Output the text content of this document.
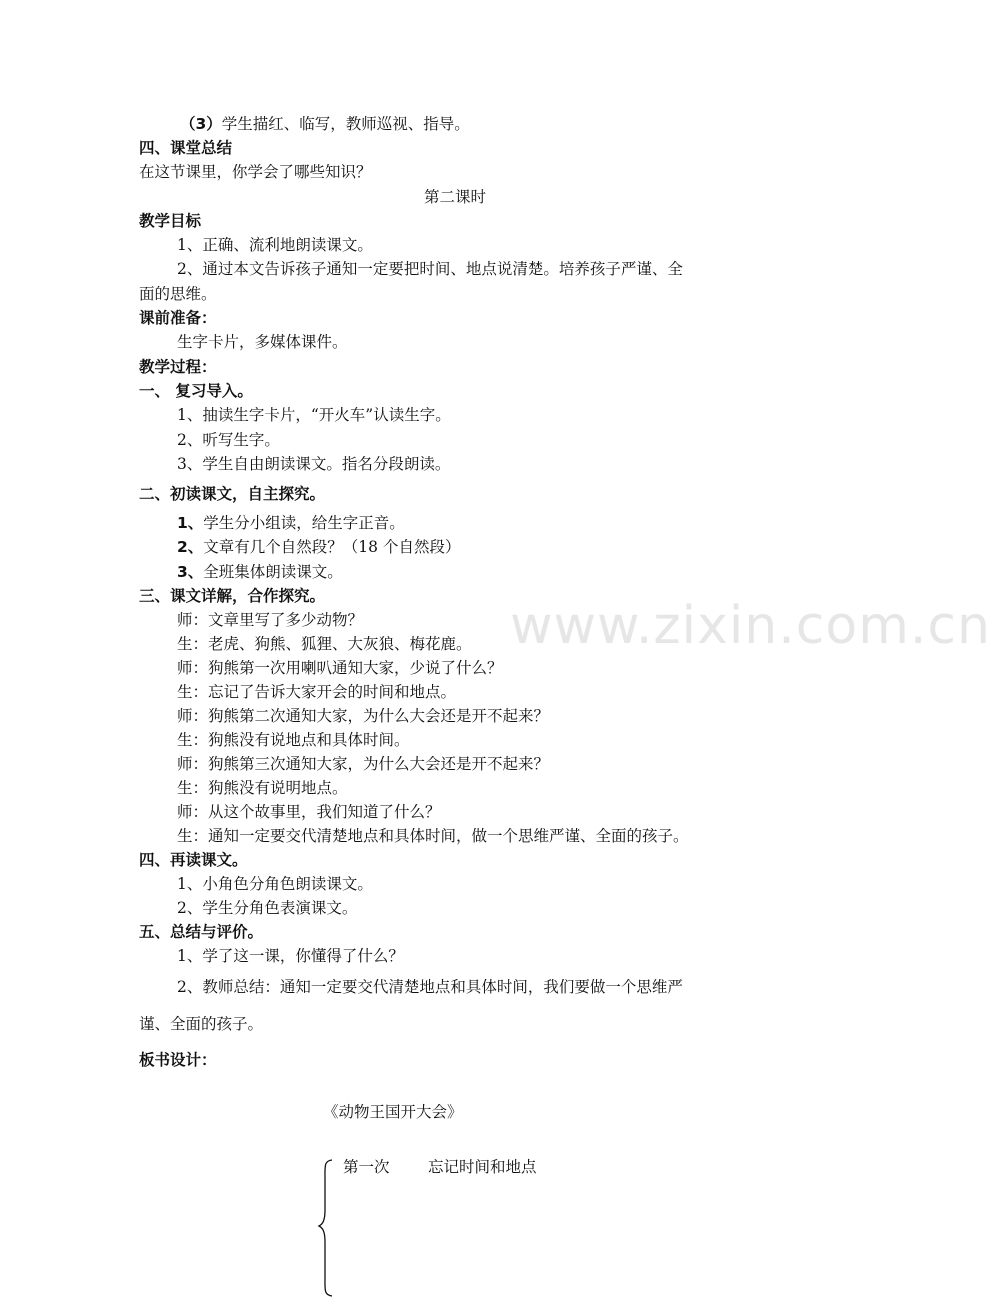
www.zixin.com.cn
（3）学生描红、临写，教师巡视、指导。
四、课堂总结
在这节课里，你学会了哪些知识？
第二课时
教学目标
1、正确、流利地朗读课文。
2、通过本文告诉孩子通知一定要把时间、地点说清楚。培养孩子严谨、全
面的思维。
课前准备：
生字卡片，多媒体课件。
教学过程：
一、 复习导入。
1、抽读生字卡片，“开火车”认读生字。
2、听写生字。
3、学生自由朗读课文。指名分段朗读。
二、初读课文，自主探究。
1、学生分小组读，给生字正音。
2、文章有几个自然段？（18 个自然段）
3、全班集体朗读课文。
三、课文详解，合作探究。
师：文章里写了多少动物？
生：老虎、狗熊、狐狸、大灰狼、梅花鹿。
师：狗熊第一次用喇叭通知大家，少说了什么？
生：忘记了告诉大家开会的时间和地点。
师：狗熊第二次通知大家，为什么大会还是开不起来？
生：狗熊没有说地点和具体时间。
师：狗熊第三次通知大家，为什么大会还是开不起来？
生：狗熊没有说明地点。
师：从这个故事里，我们知道了什么？
生：通知一定要交代清楚地点和具体时间，做一个思维严谨、全面的孩子。
四、再读课文。
1、小角色分角色朗读课文。
2、学生分角色表演课文。
五、总结与评价。
1、学了这一课，你懂得了什么？
2、教师总结：通知一定要交代清楚地点和具体时间，我们要做一个思维严
谨、全面的孩子。
板书设计：
《动物王国开大会》
第一次 忘记时间和地点
